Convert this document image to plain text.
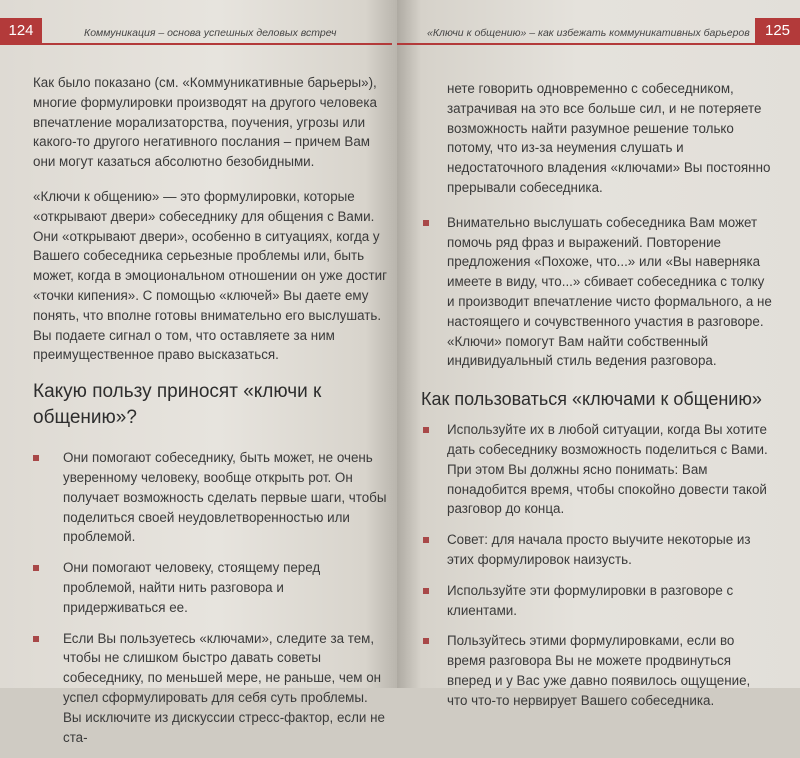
124	Коммуникация – основа успешных деловых встреч

Как было показано (см. «Коммуникативные барьеры»), многие формулировки производят на другого человека впечатление морализаторства, поучения, угрозы или какого-то другого негативного послания – причем Вам они могут казаться абсолютно безобидными.

«Ключи к общению» — это формулировки, которые «открывают двери» собеседнику для общения с Вами. Они «открывают двери», особенно в ситуациях, когда у Вашего собеседника серьезные проблемы или, быть может, когда в эмоциональном отношении он уже достиг «точки кипения». С помощью «ключей» Вы даете ему понять, что вполне готовы внимательно его выслушать. Вы подаете сигнал о том, что оставляете за ним преимущественное право высказаться.

Какую пользу приносят «ключи к общению»?
Они помогают собеседнику, быть может, не очень уверенному человеку, вообще открыть рот. Он получает возможность сделать первые шаги, чтобы поделиться своей неудовлетворенностью или проблемой.
Они помогают человеку, стоящему перед проблемой, найти нить разговора и придерживаться ее.
Если Вы пользуетесь «ключами», следите за тем, чтобы не слишком быстро давать советы собеседнику, по меньшей мере, не раньше, чем он успел сформулировать для себя суть проблемы. Вы исключите из дискуссии стресс-фактор, если не ста-
125
«Ключи к общению» – как избежать коммуникативных барьеров

нете говорить одновременно с собеседником, затрачивая на это все больше сил, и не потеряете возможность найти разумное решение только потому, что из-за неумения слушать и недостаточного владения «ключами» Вы постоянно прерывали собеседника.

Внимательно выслушать собеседника Вам может помочь ряд фраз и выражений. Повторение предложения «Похоже, что...» или «Вы наверняка имеете в виду, что...» сбивает собеседника с толку и производит впечатление чисто формального, а не настоящего и сочувственного участия в разговоре. «Ключи» помогут Вам найти собственный индивидуальный стиль ведения разговора.
Как пользоваться «ключами к общению»
Используйте их в любой ситуации, когда Вы хотите дать собеседнику возможность поделиться с Вами. При этом Вы должны ясно понимать: Вам понадобится время, чтобы спокойно довести такой разговор до конца.
Совет: для начала просто выучите некоторые из этих формулировок наизусть.
Используйте эти формулировки в разговоре с клиентами.
Пользуйтесь этими формулировками, если во время разговора Вы не можете продвинуться вперед и у Вас уже давно появилось ощущение, что что-то нервирует Вашего собеседника.
